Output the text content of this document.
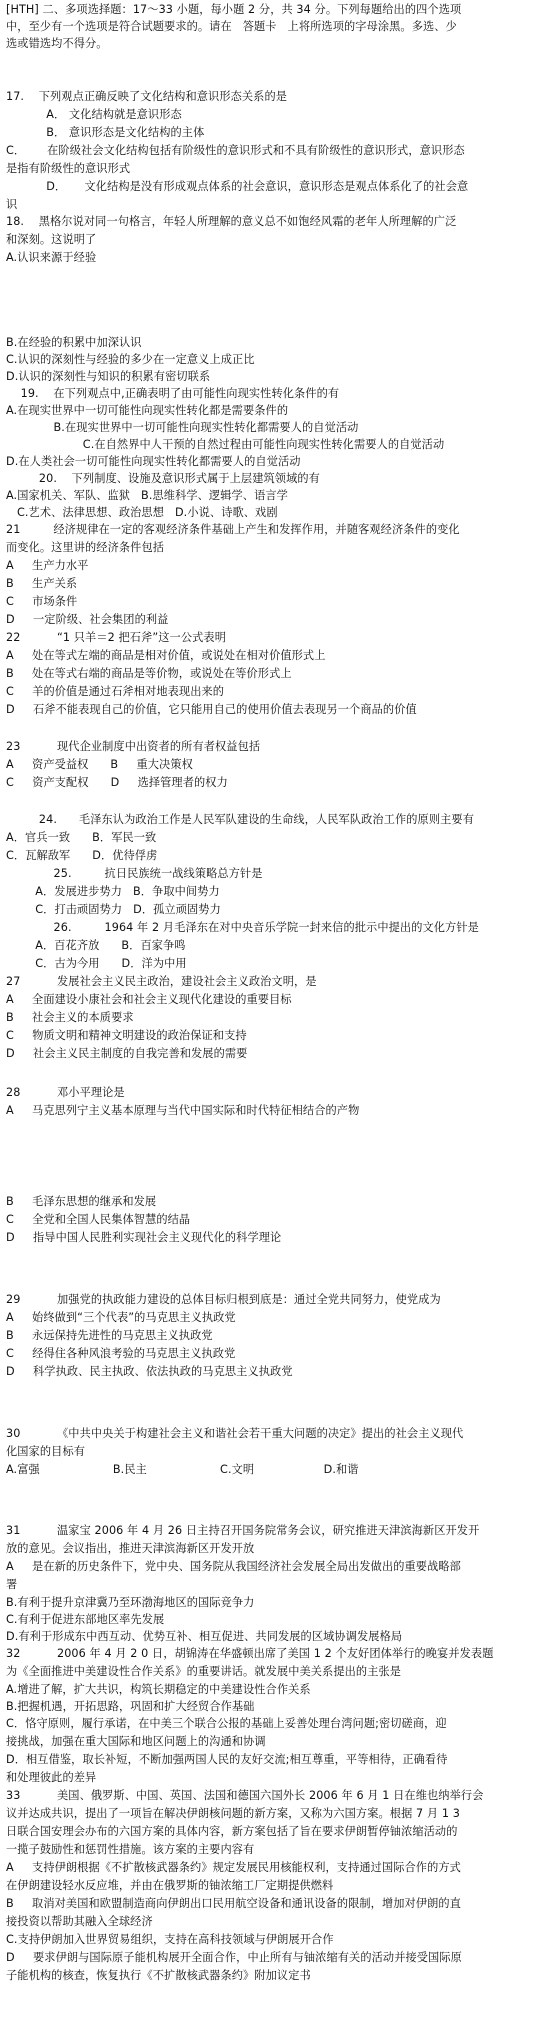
[HTH] 二、多项选择题：17～33 小题，每小题 2 分，共 34 分。下列每题给出的四个选项
中，至少有一个选项是符合试题要求的。请在   答题卡   上将所选项的字母涂黑。多选、少
选或错选均不得分。
17.    下列观点正确反映了文化结构和意识形态关系的是
A． 文化结构就是意识形态
B． 意识形态是文化结构的主体
C．      在阶级社会文化结构包括有阶级性的意识形式和不具有阶级性的意识形式，意识形态
是指有阶级性的意识形式
D．     文化结构是没有形成观点体系的社会意识，意识形态是观点体系化了的社会意
识
18.    黑格尔说对同一句格言，年轻人所理解的意义总不如饱经风霜的老年人所理解的广泛
和深刻。这说明了
A.认识来源于经验
B.在经验的积累中加深认识
C.认识的深刻性与经验的多少在一定意义上成正比
D.认识的深刻性与知识的积累有密切联系
19.    在下列观点中,正确表明了由可能性向现实性转化条件的有
A.在现实世界中一切可能性向现实性转化都是需要条件的
B.在现实世界中一切可能性向现实性转化都需要人的自觉活动
C.在自然界中人干预的自然过程由可能性向现实性转化需要人的自觉活动
D.在人类社会一切可能性向现实性转化都需要人的自觉活动
20.    下列制度、设施及意识形式属于上层建筑领域的有
A.国家机关、军队、监狱   B.思维科学、逻辑学、语言学
C.艺术、法律思想、政治思想   D.小说、诗歌、戏剧
21         经济规律在一定的客观经济条件基础上产生和发挥作用，并随客观经济条件的变化
而变化。这里讲的经济条件包括
A     生产力水平
B     生产关系
C     市场条件
D     一定阶级、社会集团的利益
22          “1 只羊＝2 把石斧”这一公式表明
A     处在等式左端的商品是相对价值，或说处在相对价值形式上
B     处在等式右端的商品是等价物，或说处在等价形式上
C     羊的价值是通过石斧相对地表现出来的
D     石斧不能表现自己的价值，它只能用自己的使用价值去表现另一个商品的价值
23          现代企业制度中出资者的所有者权益包括
A     资产受益权      B     重大决策权
C     资产支配权      D     选择管理者的权力
24.      毛泽东认为政治工作是人民军队建设的生命线，人民军队政治工作的原则主要有
A．官兵一致      B．军民一致
C．瓦解敌军      D．优待俘虏
25.         抗日民族统一战线策略总方针是
A．发展进步势力   B．争取中间势力
C．打击顽固势力   D．孤立顽固势力
26.         1964 年 2 月毛泽东在对中央音乐学院一封来信的批示中提出的文化方针是
A．百花齐放      B．百家争鸣
C．古为今用      D．洋为中用
27          发展社会主义民主政治，建设社会主义政治文明，是
A     全面建设小康社会和社会主义现代化建设的重要目标
B     社会主义的本质要求
C     物质文明和精神文明建设的政治保证和支持
D     社会主义民主制度的自我完善和发展的需要
28          邓小平理论是
A     马克思列宁主义基本原理与当代中国实际和时代特征相结合的产物
B     毛泽东思想的继承和发展
C     全党和全国人民集体智慧的结晶
D     指导中国人民胜利实现社会主义现代化的科学理论
29          加强党的执政能力建设的总体目标归根到底是：通过全党共同努力，使党成为
A     始终做到“三个代表”的马克思主义执政党
B     永远保持先进性的马克思主义执政党
C     经得住各种风浪考验的马克思主义执政党
D     科学执政、民主执政、依法执政的马克思主义执政党
30          《中共中央关于构建社会主义和谐社会若干重大问题的决定》提出的社会主义现代
化国家的目标有
A.富强                    B.民主                    C.文明                   D.和谐
31          温家宝 2006 年 4 月 26 日主持召开国务院常务会议，研究推进天津滨海新区开发开
放的意见。会议指出，推进天津滨海新区开发开放
A     是在新的历史条件下，党中央、国务院从我国经济社会发展全局出发做出的重要战略部
署
B.有利于提升京津冀乃至环渤海地区的国际竞争力
C.有利于促进东部地区率先发展
D.有利于形成东中西互动、优势互补、相互促进、共同发展的区域协调发展格局
32          2006 年 4 月 2 0 日，胡锦涛在华盛顿出席了美国 1 2 个友好团体举行的晚宴并发表题
为《全面推进中美建设性合作关系》的重要讲话。就发展中美关系提出的主张是
A.增进了解，扩大共识，构筑长期稳定的中美建设性合作关系
B.把握机遇，开拓思路，巩固和扩大经贸合作基础
C．恪守原则，履行承诺，在中美三个联合公报的基础上妥善处理台湾问题;密切磋商，迎
接挑战，加强在重大国际和地区问题上的沟通和协调
D．相互借鉴，取长补短，不断加强两国人民的友好交流;相互尊重，平等相待，正确看待
和处理彼此的差异
33          美国、俄罗斯、中国、英国、法国和德国六国外长 2006 年 6 月 1 日在维也纳举行会
议并达成共识，提出了一项旨在解决伊朗核问题的新方案，又称为六国方案。根据 7 月 1 3
日联合国安理会办布的六国方案的具体内容，新方案包括了旨在要求伊朗暂停铀浓缩活动的
一揽子鼓励性和惩罚性措施。该方案的主要内容有
A     支持伊朗根据《不扩散核武器条约》规定发展民用核能权利，支持通过国际合作的方式
在伊朗建设轻水反应堆，并由在俄罗斯的铀浓缩工厂定期提供燃料
B     取消对美国和欧盟制造商向伊朗出口民用航空设备和通讯设备的限制，增加对伊朗的直
接投资以帮助其融入全球经济
C.支持伊朗加入世界贸易组织，支持在高科技领域与伊朗展开合作
D     要求伊朗与国际原子能机构展开全面合作，中止所有与铀浓缩有关的活动并接受国际原
子能机构的核查，恢复执行《不扩散核武器条约》附加议定书
